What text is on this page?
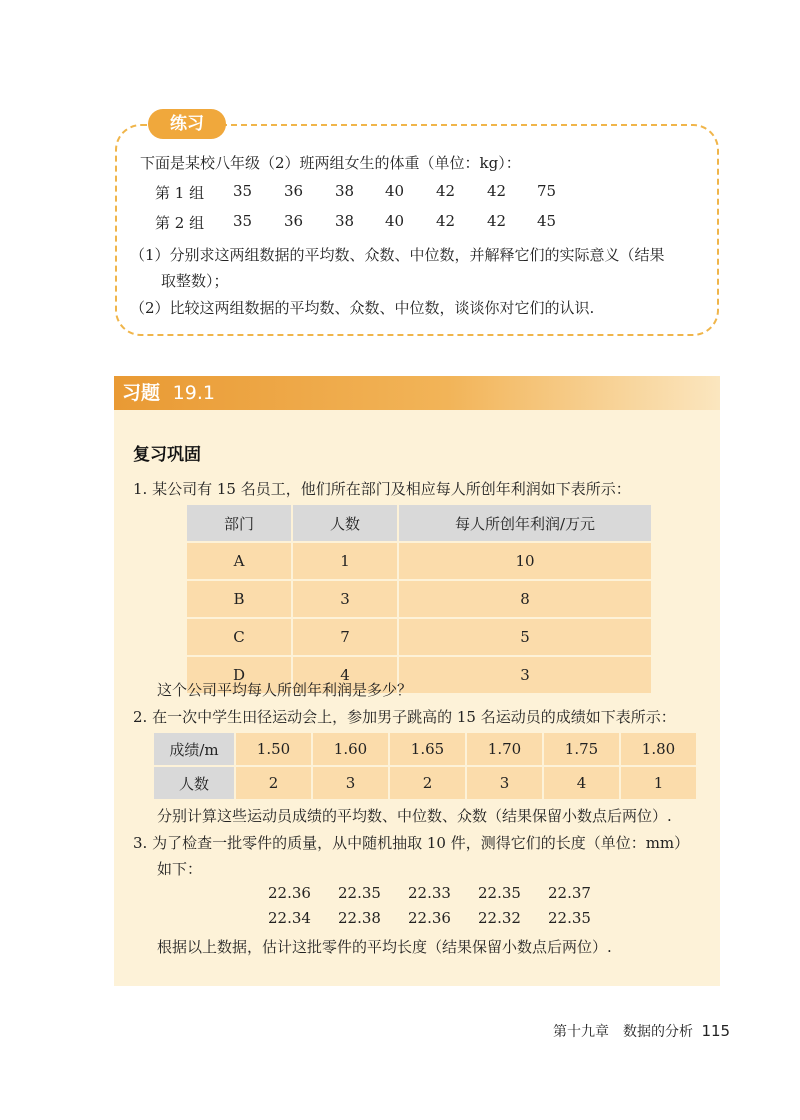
练习
下面是某校八年级（2）班两组女生的体重（单位：kg）：
第 1 组 35 36 38 40 42 42 75
第 2 组 35 36 38 40 42 42 45
（1）分别求这两组数据的平均数、众数、中位数，并解释它们的实际意义（结果
取整数）；
（2）比较这两组数据的平均数、众数、中位数，谈谈你对它们的认识.
习题 19.1
复习巩固
1. 某公司有 15 名员工，他们所在部门及相应每人所创年利润如下表所示：
部门	人数	每人所创年利润/万元
A	1	10
B	3	8
C	7	5
D	4	3
这个公司平均每人所创年利润是多少？
2. 在一次中学生田径运动会上，参加男子跳高的 15 名运动员的成绩如下表所示：
成绩/m	1.50	1.60	1.65	1.70	1.75	1.80
人数	2	3	2	3	4	1
分别计算这些运动员成绩的平均数、中位数、众数（结果保留小数点后两位）.
3. 为了检查一批零件的质量，从中随机抽取 10 件，测得它们的长度（单位：mm）
如下：
22.36 22.35 22.33 22.35 22.37
22.34 22.38 22.36 22.32 22.35
根据以上数据，估计这批零件的平均长度（结果保留小数点后两位）.
第十九章　数据的分析 115
